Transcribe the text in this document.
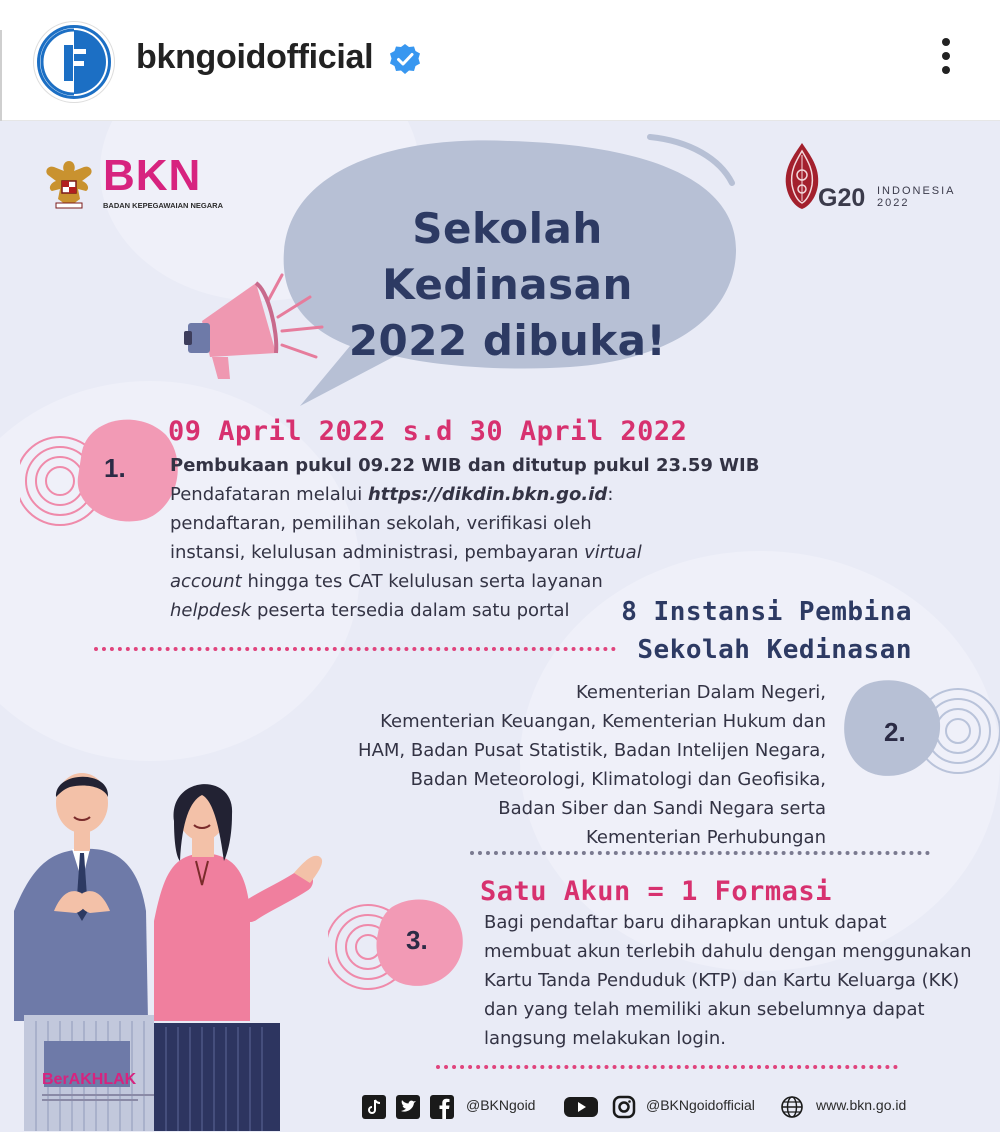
bkngoidofficial
BKN
BADAN KEPEGAWAIAN NEGARA	G20 INDONESIA
2022
Sekolah Kedinasan
2022 dibuka!
1.
09 April 2022 s.d 30 April 2022
Pembukaan pukul 09.22 WIB dan ditutup pukul 23.59 WIB
Pendafataran melalui https://dikdin.bkn.go.id:
pendaftaran, pemilihan sekolah, verifikasi oleh
instansi, kelulusan administrasi, pembayaran virtual
account hingga tes CAT kelulusan serta layanan
helpdesk peserta tersedia dalam satu portal	8 Instansi Pembina
Sekolah Kedinasan
Kementerian Dalam Negeri,
Kementerian Keuangan, Kementerian Hukum dan
HAM, Badan Pusat Statistik, Badan Intelijen Negara,
Badan Meteorologi, Klimatologi dan Geofisika,
Badan Siber dan Sandi Negara serta
Kementerian Perhubungan
2.
3.
Satu Akun = 1 Formasi
Bagi pendaftar baru diharapkan untuk dapat
membuat akun terlebih dahulu dengan menggunakan
Kartu Tanda Penduduk (KTP) dan Kartu Keluarga (KK)
dan yang telah memiliki akun sebelumnya dapat
langsung melakukan login.
BerAKHLAK
@BKNgoid	@BKNgoidofficial	www.bkn.go.id
